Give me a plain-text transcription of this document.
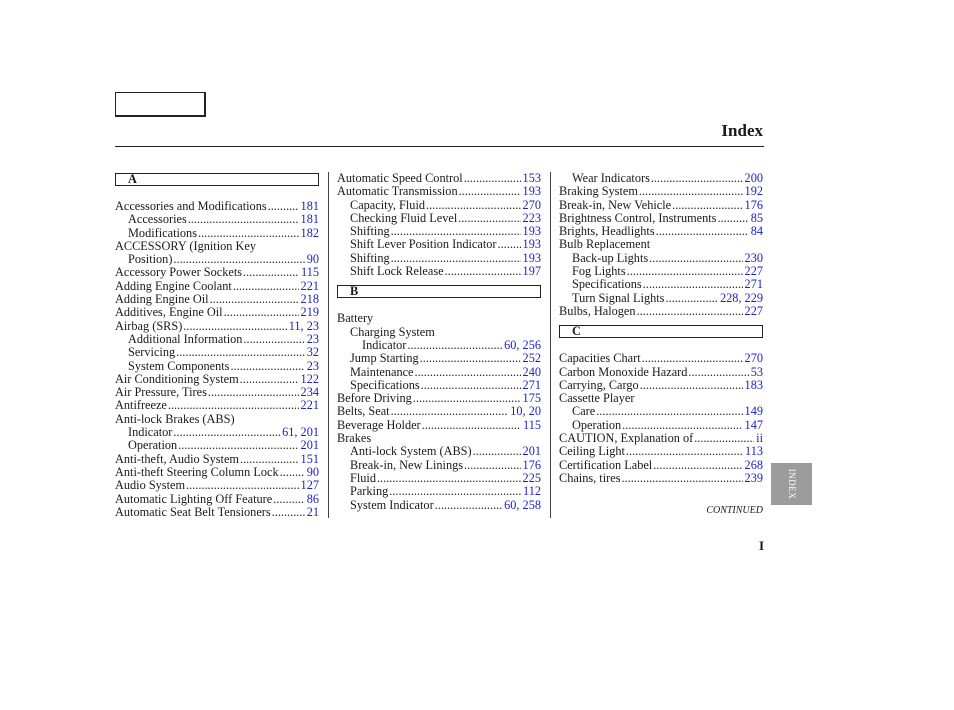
Index
A
Accessories and Modifications .....	181
Accessories .....	181
Modifications .....	182
ACCESSORY (Ignition Key
Position) .....	90
Accessory Power Sockets .....	115
Adding Engine Coolant .....	221
Adding Engine Oil .....	218
Additives, Engine Oil .....	219
Airbag (SRS) .....	11, 23
Additional Information .....	23
Servicing .....	32
System Components .....	23
Air Conditioning System .....	122
Air Pressure, Tires .....	234
Antifreeze .....	221
Anti-lock Brakes (ABS)
Indicator .....	61, 201
Operation .....	201
Anti-theft, Audio System .....	151
Anti-theft Steering Column Lock ..... 90
Audio System .....	127
Automatic Lighting Off Feature .....	86
Automatic Seat Belt Tensioners .....	21
Automatic Speed Control .....	153
Automatic Transmission .....	193
Capacity, Fluid .....	270
Checking Fluid Level .....	223
Shifting .....	193
Shift Lever Position Indicator ..... 193
Shifting .....	193
Shift Lock Release .....	197
B
Battery
Charging System
Indicator .....	60, 256
Jump Starting .....	252
Maintenance .....	240
Specifications .....	271
Before Driving .....	175
Belts, Seat .....	10, 20
Beverage Holder .....	115
Brakes
Anti-lock System (ABS) .....	201
Break-in, New Linings .....	176
Fluid .....	225
Parking .....	112
System Indicator .....	60, 258
Wear Indicators .....	200
Braking System .....	192
Break-in, New Vehicle .....	176
Brightness Control, Instruments .....	85
Brights, Headlights .....	84
Bulb Replacement
Back-up Lights .....	230
Fog Lights .....	227
Specifications .....	271
Turn Signal Lights .....	228, 229
Bulbs, Halogen .....	227
C
Capacities Chart .....	270
Carbon Monoxide Hazard .....	53
Carrying, Cargo .....	183
Cassette Player
Care .....	149
Operation .....	147
CAUTION, Explanation of .....	ii
Ceiling Light .....	113
Certification Label .....	268
Chains, tires .....	239
CONTINUED
I
INDEX
